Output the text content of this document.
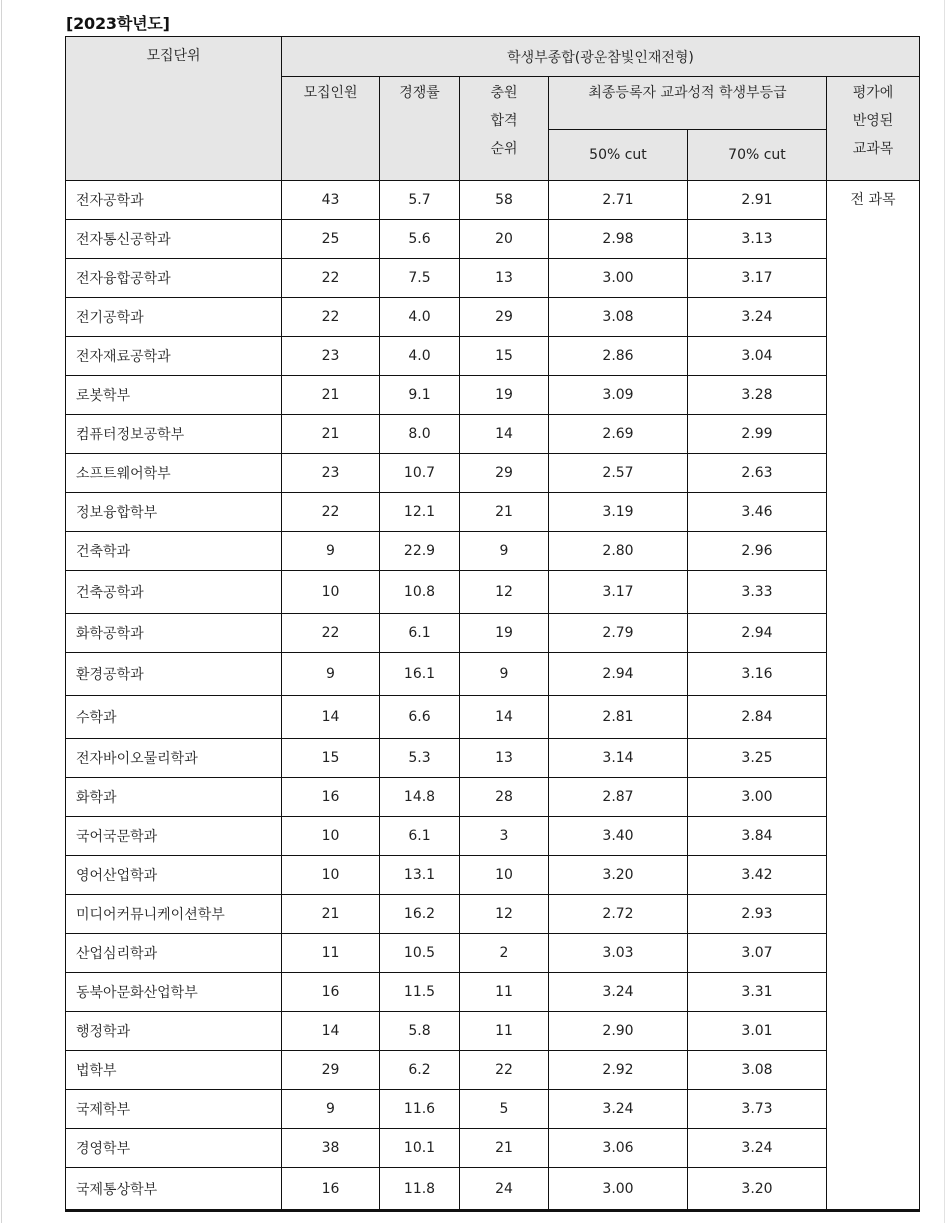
[2023학년도]
모집단위	학생부종합(광운참빛인재전형)					
모집인원	경쟁률	충원
합격
순위
	최종등록자 교과성적 학생부등급	평가에
반영된
교과목

				50% cut	70% cut	
전자공학과	43	5.7	58	2.71	2.91	전 과목
전자통신공학과	25	5.6	20	2.98	3.13	
전자융합공학과	22	7.5	13	3.00	3.17	
전기공학과	22	4.0	29	3.08	3.24	
전자재료공학과	23	4.0	15	2.86	3.04	
로봇학부	21	9.1	19	3.09	3.28	
컴퓨터정보공학부	21	8.0	14	2.69	2.99	
소프트웨어학부	23	10.7	29	2.57	2.63	
정보융합학부	22	12.1	21	3.19	3.46	
건축학과	9	22.9	9	2.80	2.96	
건축공학과	10	10.8	12	3.17	3.33	
화학공학과	22	6.1	19	2.79	2.94	
환경공학과	9	16.1	9	2.94	3.16	
수학과	14	6.6	14	2.81	2.84	
전자바이오물리학과	15	5.3	13	3.14	3.25	
화학과	16	14.8	28	2.87	3.00	
국어국문학과	10	6.1	3	3.40	3.84	
영어산업학과	10	13.1	10	3.20	3.42	
미디어커뮤니케이션학부	21	16.2	12	2.72	2.93	
산업심리학과	11	10.5	2	3.03	3.07	
동북아문화산업학부	16	11.5	11	3.24	3.31	
행정학과	14	5.8	11	2.90	3.01	
법학부	29	6.2	22	2.92	3.08	
국제학부	9	11.6	5	3.24	3.73	
경영학부	38	10.1	21	3.06	3.24	
국제통상학부	16	11.8	24	3.00	3.20	
